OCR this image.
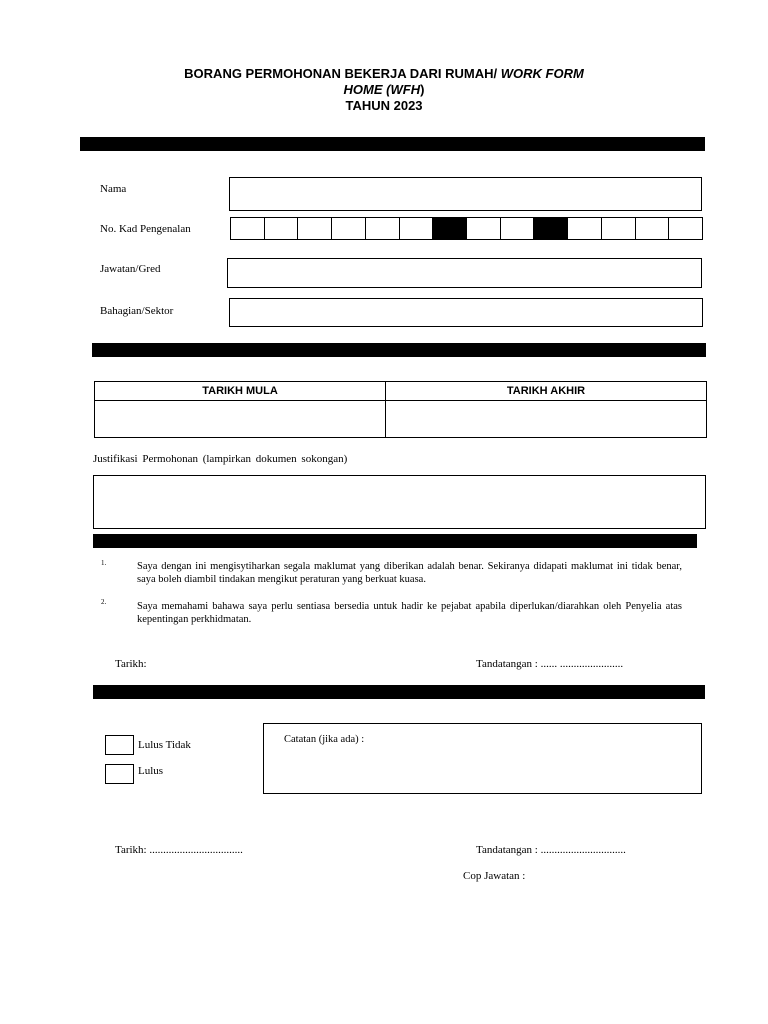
BORANG PERMOHONAN BEKERJA DARI RUMAH/ WORK FORM
HOME (WFH)
TAHUN 2023

BAHAGIAN A : BUTIR-BUTIR PERMOHONAN

Nama
No. Kad Pengenalan
Jawatan/Gred
Bahagian/Sektor

BAHAGIAN B : MAKLUMAT PERMOHONAN BDR

TARIKH MULA	TARIKH AKHIR

Justifikasi Permohonan (lampirkan dokumen sokongan)

BAHAGIAN C : PERAKUAN PEMOHON

1.	Saya dengan ini mengisytiharkan segala maklumat yang diberikan adalah benar. Sekiranya didapati maklumat ini tidak benar, saya boleh diambil tindakan mengikut peraturan yang berkuat kuasa.
2.	Saya memahami bahawa saya perlu sentiasa bersedia untuk hadir ke pejabat apabila diperlukan/diarahkan oleh Penyelia atas kepentingan perkhidmatan.
Tarikh:	Tandatangan : ...... .......................

BAHAGIAN D: KELULUSAN PENGARAH BAHAGIAN/KETUA UNIT

Lulus Tidak
Lulus
Catatan (jika ada) :
Tarikh: ..................................	Tandatangan : ...............................
Cop Jawatan :
